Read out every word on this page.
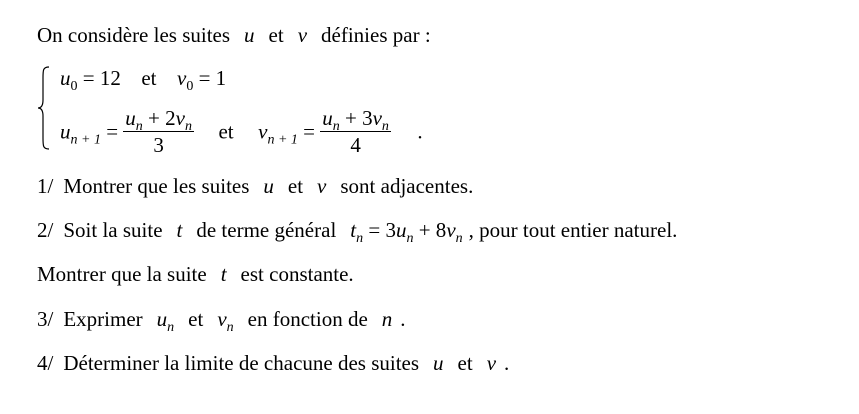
On considère les suites u et v définies par :
$u_0 = 12$ et $v_0 = 1$
$u_{n + 1} = \frac{u_n + 2v_n}{3}$ et $v_{n + 1} = \frac{u_n + 3v_n}{4}$ .
1/ Montrer que les suites u et v sont adjacentes.
2/ Soit la suite t de terme général $t_n = 3u_n + 8v_n$ , pour tout entier naturel.
Montrer que la suite t est constante.
3/ Exprimer $u_n$ et $v_n$ en fonction de n .
4/ Déterminer la limite de chacune des suites u et v .
